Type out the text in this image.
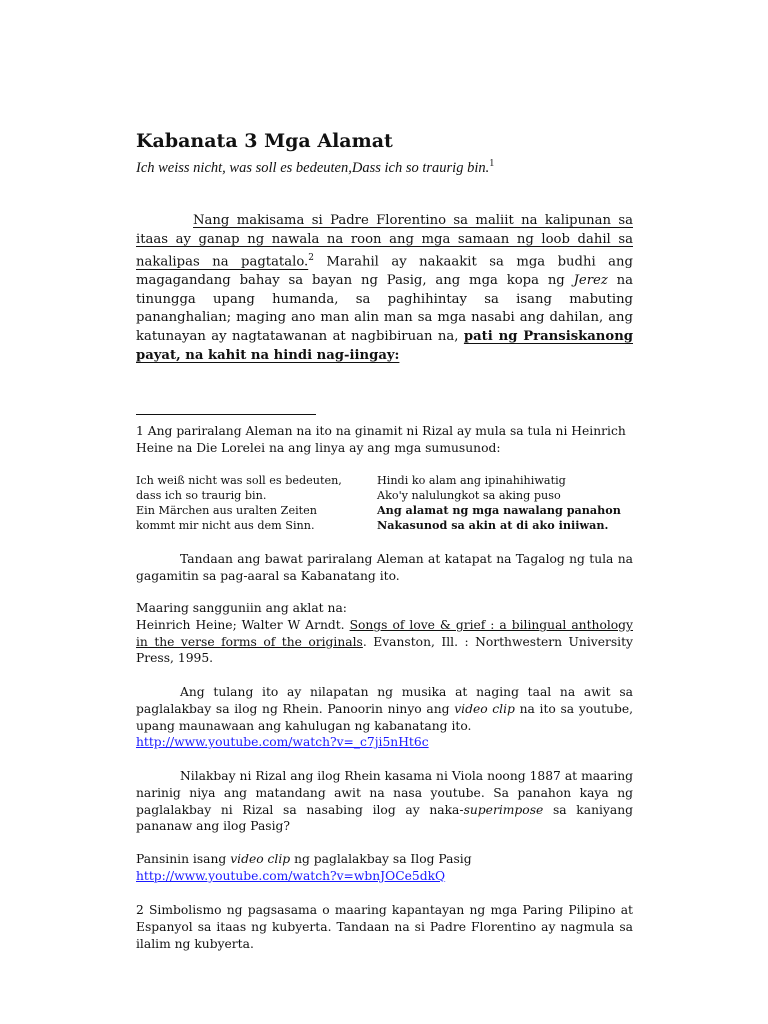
Kabanata 3 Mga Alamat
Ich weiss nicht, was soll es bedeuten,Dass ich so traurig bin.$^1$
Nang makisama si Padre Florentino sa maliit na kalipunan sa itaas ay ganap ng nawala na roon ang mga samaan ng loob dahil sa nakalipas na pagtatalo.$^2$ Marahil ay nakaakit sa mga budhi ang magagandang bahay sa bayan ng Pasig, ang mga kopa ng Jerez na tinungga upang humanda, sa paghihintay sa isang mabuting pananghalian; maging ano man alin man sa mga nasabi ang dahilan, ang katunayan ay nagtatawanan at nagbibiruan na, pati ng Pransiskanong payat, na kahit na hindi nag-iingay:
1 Ang pariralang Aleman na ito na ginamit ni Rizal ay mula sa tula ni Heinrich Heine na Die Lorelei na ang linya ay ang mga sumusunod:
Ich weiß nicht was soll es bedeuten,
dass ich so traurig bin.
Ein Märchen aus uralten Zeiten
kommt mir nicht aus dem Sinn.
Hindi ko alam ang ipinahihiwatig
Ako'y nalulungkot sa aking puso
Ang alamat ng mga nawalang panahon
Nakasunod sa akin at di ako iniiwan.
Tandaan ang bawat pariralang Aleman at katapat na Tagalog ng tula na gagamitin sa pag-aaral sa Kabanatang ito.
Maaring sangguniin ang aklat na:
Heinrich Heine; Walter W Arndt. Songs of love & grief : a bilingual anthology in the verse forms of the originals. Evanston, Ill. : Northwestern University Press, 1995.
Ang tulang ito ay nilapatan ng musika at naging taal na awit sa paglalakbay sa ilog ng Rhein. Panoorin ninyo ang video clip na ito sa youtube, upang maunawaan ang kahulugan ng kabanatang ito.
http://www.youtube.com/watch?v=_c7ji5nHt6c
Nilakbay ni Rizal ang ilog Rhein kasama ni Viola noong 1887 at maaring narinig niya ang matandang awit na nasa youtube. Sa panahon kaya ng paglalakbay ni Rizal sa nasabing ilog ay naka-superimpose sa kaniyang pananaw ang ilog Pasig?
Pansinin isang video clip ng paglalakbay sa Ilog Pasig
http://www.youtube.com/watch?v=wbnJOCe5dkQ
2 Simbolismo ng pagsasama o maaring kapantayan ng mga Paring Pilipino at Espanyol sa itaas ng kubyerta. Tandaan na si Padre Florentino ay nagmula sa ilalim ng kubyerta.
